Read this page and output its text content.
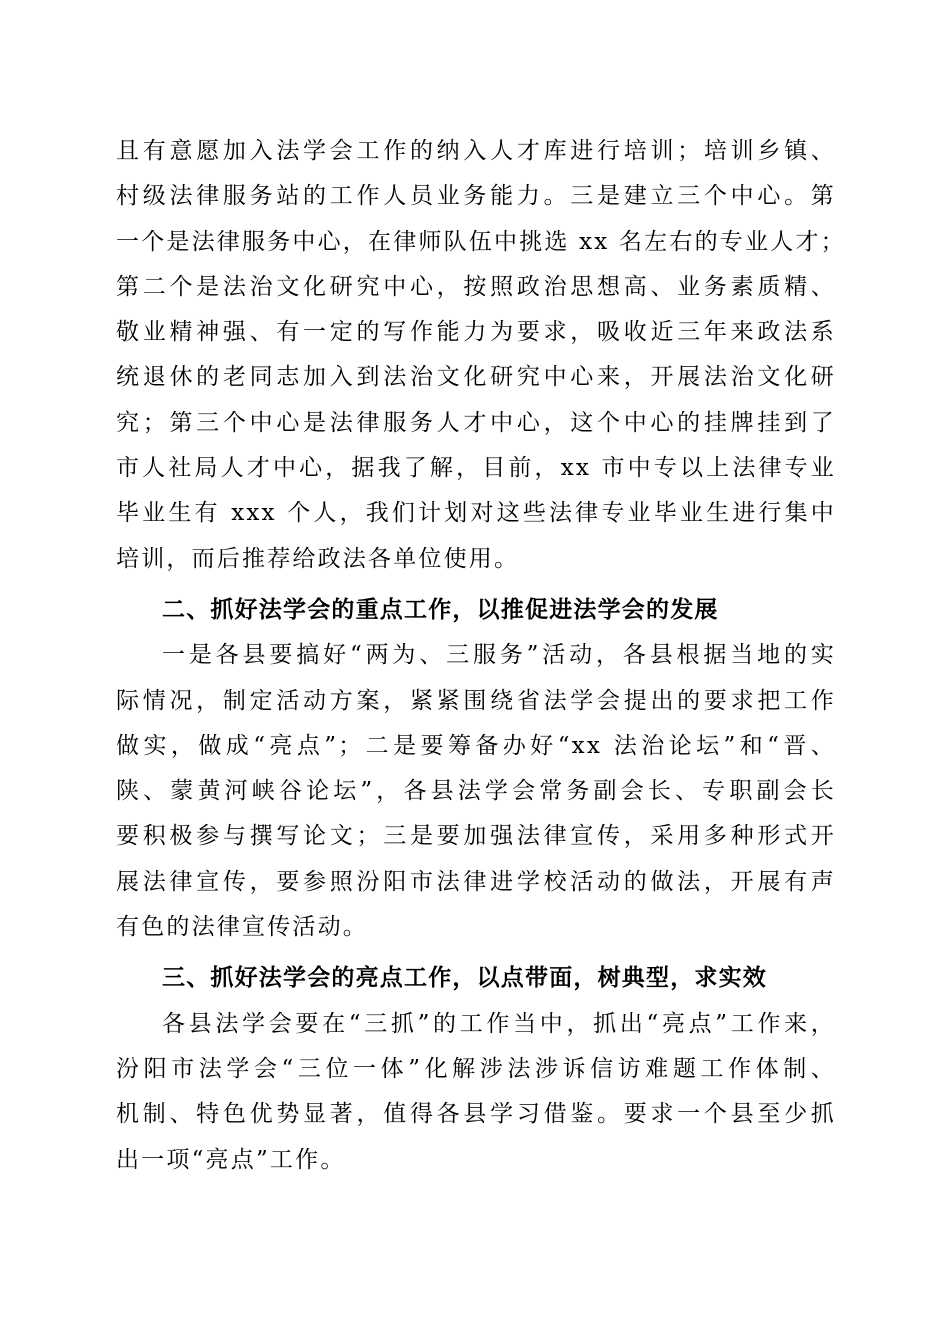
且有意愿加入法学会工作的纳入人才库进行培训；培训乡镇、
村级法律服务站的工作人员业务能力。三是建立三个中心。第
一个是法律服务中心，在律师队伍中挑选 xx 名左右的专业人才；
第二个是法治文化研究中心，按照政治思想高、业务素质精、
敬业精神强、有一定的写作能力为要求，吸收近三年来政法系
统退休的老同志加入到法治文化研究中心来，开展法治文化研
究；第三个中心是法律服务人才中心，这个中心的挂牌挂到了
市人社局人才中心，据我了解，目前，xx 市中专以上法律专业
毕业生有 xxx 个人，我们计划对这些法律专业毕业生进行集中
培训，而后推荐给政法各单位使用。
二、抓好法学会的重点工作，以推促进法学会的发展
一是各县要搞好“两为、三服务”活动，各县根据当地的实
际情况，制定活动方案，紧紧围绕省法学会提出的要求把工作
做实，做成“亮点”；二是要筹备办好“xx 法治论坛”和“晋、
陕、蒙黄河峡谷论坛”，各县法学会常务副会长、专职副会长
要积极参与撰写论文；三是要加强法律宣传，采用多种形式开
展法律宣传，要参照汾阳市法律进学校活动的做法，开展有声
有色的法律宣传活动。
三、抓好法学会的亮点工作，以点带面，树典型，求实效
各县法学会要在“三抓”的工作当中，抓出“亮点”工作来，
汾阳市法学会“三位一体”化解涉法涉诉信访难题工作体制、
机制、特色优势显著，值得各县学习借鉴。要求一个县至少抓
出一项“亮点”工作。
